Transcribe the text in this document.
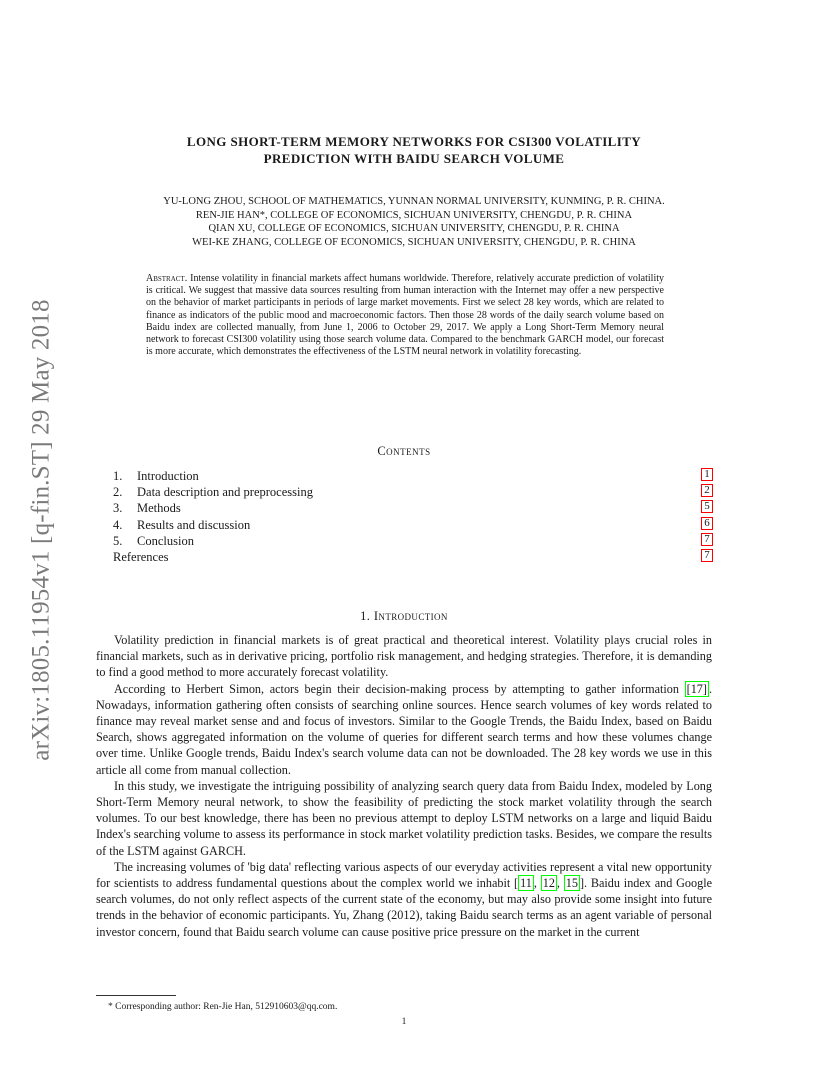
arXiv:1805.11954v1 [q-fin.ST] 29 May 2018
LONG SHORT-TERM MEMORY NETWORKS FOR CSI300 VOLATILITY
PREDICTION WITH BAIDU SEARCH VOLUME
YU-LONG ZHOU, SCHOOL OF MATHEMATICS, YUNNAN NORMAL UNIVERSITY, KUNMING, P. R. CHINA.
REN-JIE HAN*, COLLEGE OF ECONOMICS, SICHUAN UNIVERSITY, CHENGDU, P. R. CHINA
QIAN XU, COLLEGE OF ECONOMICS, SICHUAN UNIVERSITY, CHENGDU, P. R. CHINA
WEI-KE ZHANG, COLLEGE OF ECONOMICS, SICHUAN UNIVERSITY, CHENGDU, P. R. CHINA
Abstract. Intense volatility in financial markets affect humans worldwide. Therefore, relatively accurate prediction of volatility is critical. We suggest that massive data sources resulting from human interaction with the Internet may offer a new perspective on the behavior of market participants in periods of large market movements. First we select 28 key words, which are related to finance as indicators of the public mood and macroeconomic factors. Then those 28 words of the daily search volume based on Baidu index are collected manually, from June 1, 2006 to October 29, 2017. We apply a Long Short-Term Memory neural network to forecast CSI300 volatility using those search volume data. Compared to the benchmark GARCH model, our forecast is more accurate, which demonstrates the effectiveness of the LSTM neural network in volatility forecasting.
Contents
1. Introduction	1
2. Data description and preprocessing	2
3. Methods	5
4. Results and discussion	6
5. Conclusion	7
References	7
1. Introduction

Volatility prediction in financial markets is of great practical and theoretical interest. Volatility plays crucial roles in financial markets, such as in derivative pricing, portfolio risk management, and hedging strategies. Therefore, it is demanding to find a good method to more accurately forecast volatility.

According to Herbert Simon, actors begin their decision-making process by attempting to gather information [17] . Nowadays, information gathering often consists of searching online sources. Hence search volumes of key words related to finance may reveal market sense and and focus of investors. Similar to the Google Trends, the Baidu Index, based on Baidu Search, shows aggregated information on the volume of queries for different search terms and how these volumes change over time. Unlike Google trends, Baidu Index's search volume data can not be downloaded. The 28 key words we use in this article all come from manual collection.

In this study, we investigate the intriguing possibility of analyzing search query data from Baidu Index, modeled by Long Short-Term Memory neural network, to show the feasibility of predicting the stock market volatility through the search volumes. To our best knowledge, there has been no previous attempt to deploy LSTM networks on a large and liquid Baidu Index's searching volume to assess its performance in stock market volatility prediction tasks. Besides, we compare the results of the LSTM against GARCH.

The increasing volumes of 'big data' reflecting various aspects of our everyday activities represent a vital new opportunity for scientists to address fundamental questions about the complex world we inhabit [ 11 , 12 , 15 ]. Baidu index and Google search volumes, do not only reflect aspects of the current state of the economy, but may also provide some insight into future trends in the behavior of economic participants. Yu, Zhang (2012), taking Baidu search terms as an agent variable of personal investor concern, found that Baidu search volume can cause positive price pressure on the market in the current

* Corresponding author: Ren-Jie Han, 512910603@qq.com.
1
